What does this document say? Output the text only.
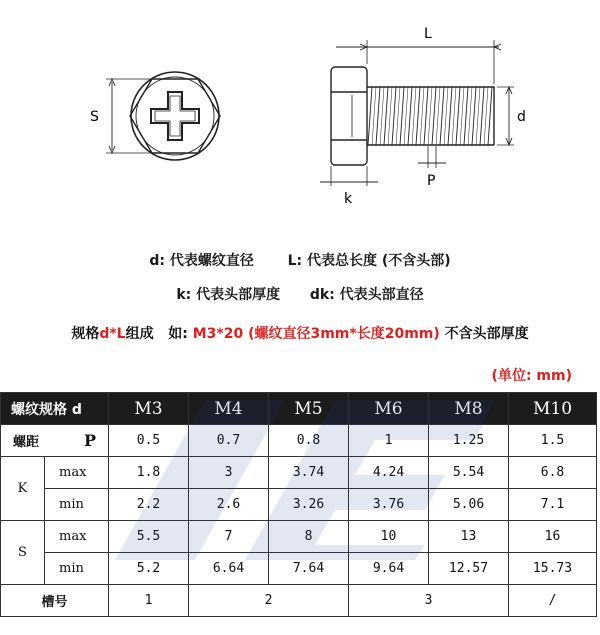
S
L
d
P
k
d: 代表螺纹直径 L: 代表总长度 (不含头部)
k: 代表头部厚度 dk: 代表头部直径
规格d*L组成   如: M3*20 (螺纹直径3mm*长度20mm) 不含头部厚度
(单位: mm)
螺纹规格 d		M3	M4	M5	M6	M8	M10
螺距 P		0.5	0.7	0.8	1	1.25	1.5
K	max	1.8	3	3.74	4.24	5.54	6.8
	min	2.2	2.6	3.26	3.76	5.06	7.1
S	max	5.5	7	8	10	13	16
	min	5.2	6.64	7.64	9.64	12.57	15.73
槽号		1	2		3		/
